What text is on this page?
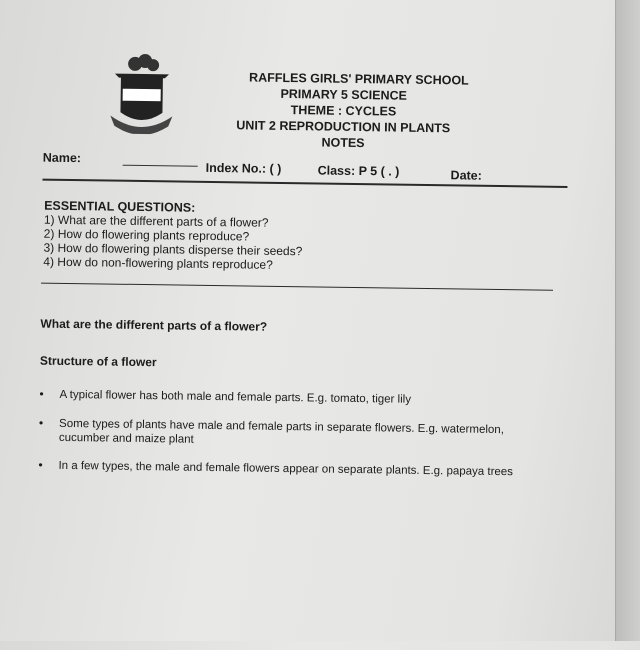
RAFFLES GIRLS' PRIMARY SCHOOL
PRIMARY 5 SCIENCE
THEME : CYCLES
UNIT 2 REPRODUCTION IN PLANTS
NOTES
Name:
Index No.: ( )	Class: P 5 ( . )	Date:
ESSENTIAL QUESTIONS:
1) What are the different parts of a flower?
2) How do flowering plants reproduce?
3) How do flowering plants disperse their seeds?
4) How do non-flowering plants reproduce?
What are the different parts of a flower?
Structure of a flower
• A typical flower has both male and female parts. E.g. tomato, tiger lily
• Some types of plants have male and female parts in separate flowers. E.g. watermelon, cucumber and maize plant
• In a few types, the male and female flowers appear on separate plants. E.g. papaya trees
